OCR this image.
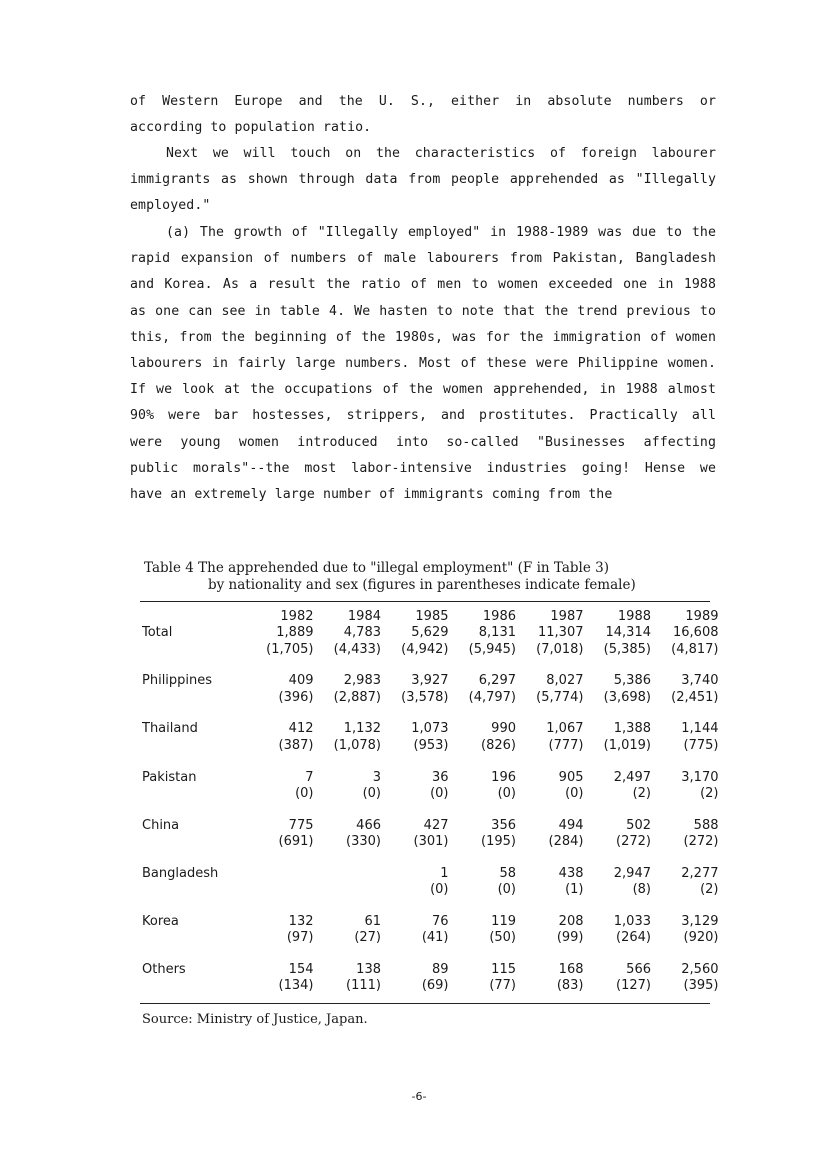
of Western Europe and the U. S., either in absolute numbers or
according to population ratio.
Next we will touch on the characteristics of foreign labourer
immigrants as shown through data from people apprehended as "Illegally
employed."
(a) The growth of "Illegally employed" in 1988-1989 was due to the
rapid expansion of numbers of male labourers from Pakistan, Bangladesh
and Korea. As a result the ratio of men to women exceeded one in 1988
as one can see in table 4. We hasten to note that the trend previous to
this, from the beginning of the 1980s, was for the immigration of women
labourers in fairly large numbers. Most of these were Philippine women.
If we look at the occupations of the women apprehended, in 1988 almost
90% were bar hostesses, strippers, and prostitutes. Practically all
were young women introduced into so-called "Businesses affecting
public morals"--the most labor-intensive industries going! Hense we
have an extremely large number of immigrants coming from the
Table 4 The apprehended due to "illegal employment" (F in Table 3)
by nationality and sex (figures in parentheses indicate female)
	1982	1984	1985	1986	1987	1988	1989
Total	1,889	4,783	5,629	8,131	11,307	14,314	16,608
	(1,705)	(4,433)	(4,942)	(5,945)	(7,018)	(5,385)	(4,817)

Philippines	409	2,983	3,927	6,297	8,027	5,386	3,740
	(396)	(2,887)	(3,578)	(4,797)	(5,774)	(3,698)	(2,451)

Thailand	412	1,132	1,073	990	1,067	1,388	1,144
	(387)	(1,078)	(953)	(826)	(777)	(1,019)	(775)

Pakistan	7	3	36	196	905	2,497	3,170
	(0)	(0)	(0)	(0)	(0)	(2)	(2)

China	775	466	427	356	494	502	588
	(691)	(330)	(301)	(195)	(284)	(272)	(272)

Bangladesh			1	58	438	2,947	2,277
			(0)	(0)	(1)	(8)	(2)

Korea	132	61	76	119	208	1,033	3,129
	(97)	(27)	(41)	(50)	(99)	(264)	(920)

Others	154	138	89	115	168	566	2,560
	(134)	(111)	(69)	(77)	(83)	(127)	(395)
Source: Ministry of Justice, Japan.
-6-
